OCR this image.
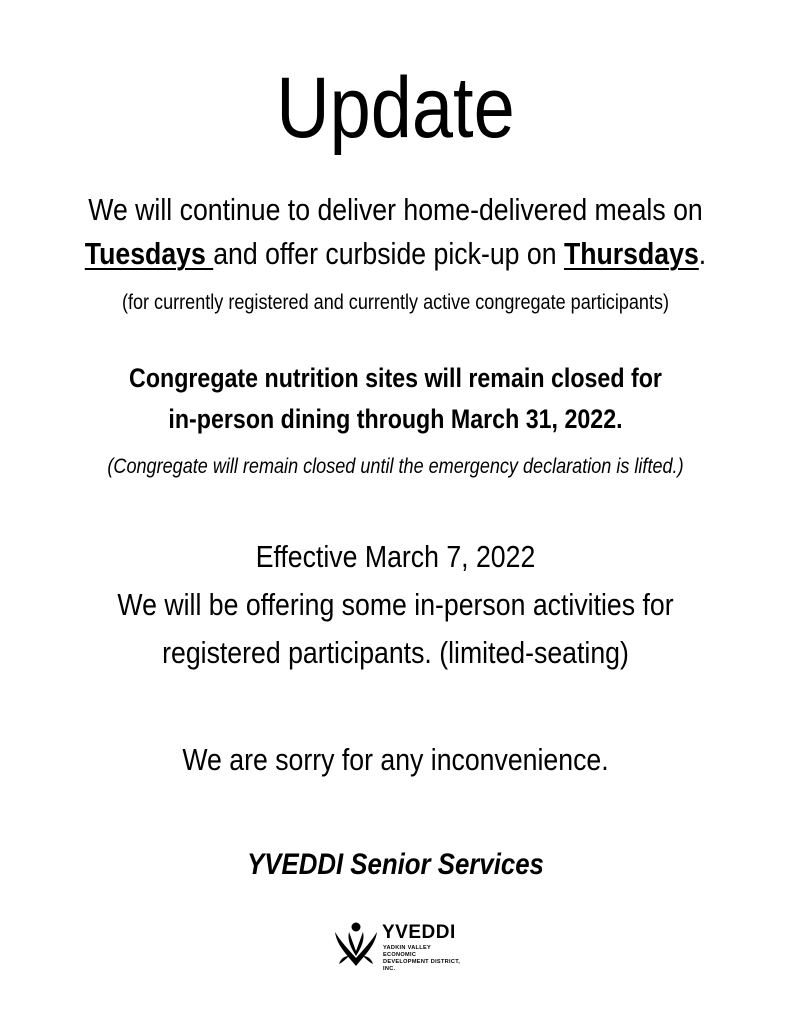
Update
We will continue to deliver home-delivered meals on
Tuesdays and offer curbside pick-up on Thursdays.
(for currently registered and currently active congregate participants)
Congregate nutrition sites will remain closed for
in-person dining through March 31, 2022.
(Congregate will remain closed until the emergency declaration is lifted.)
Effective March 7, 2022
We will be offering some in-person activities for
registered participants. (limited-seating)
We are sorry for any inconvenience.
YVEDDI Senior Services
YVEDDI
YADKIN VALLEY ECONOMIC
DEVELOPMENT DISTRICT, INC.
